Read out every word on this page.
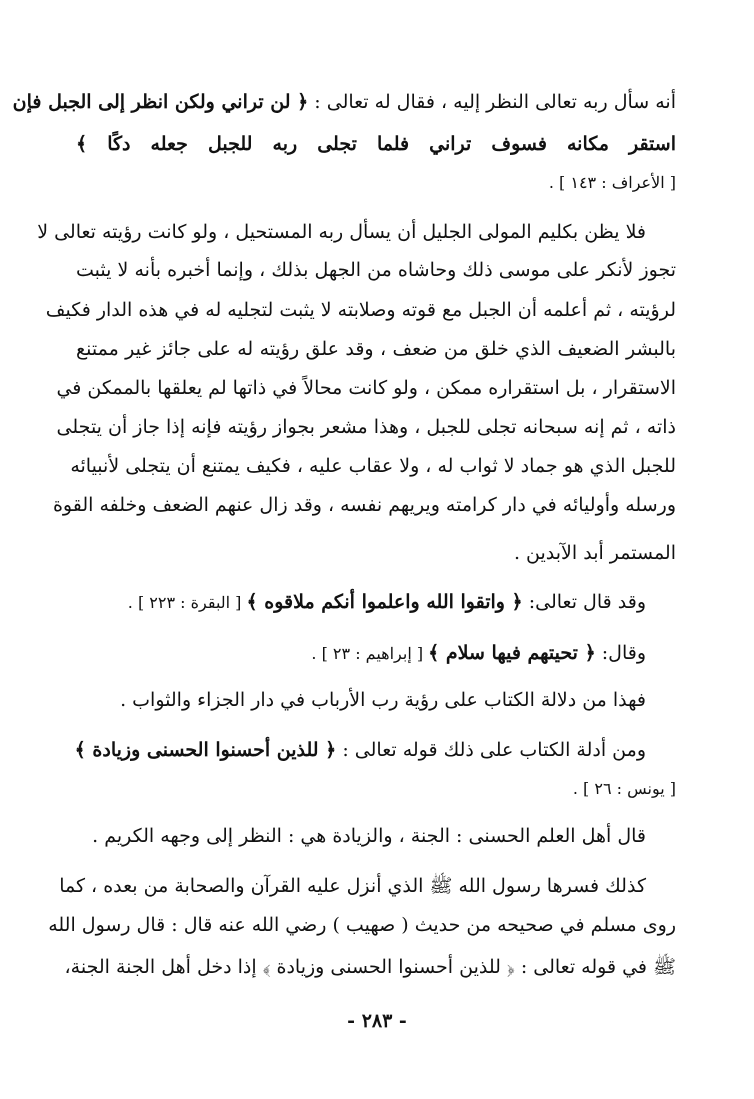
أنه سأل ربه تعالى النظر إليه ، فقال له تعالى : ﴿ لن تراني ولكن انظر إلى الجبل فإن
استقر مكانه فسوف تراني فلما تجلى ربه للجبل جعله دكًا ﴾
[ الأعراف : ١٤٣ ] .
فلا يظن بكليم المولى الجليل أن يسأل ربه المستحيل ، ولو كانت رؤيته تعالى لا
تجوز لأنكر على موسى ذلك وحاشاه من الجهل بذلك ، وإنما أخبره بأنه لا يثبت
لرؤيته ، ثم أعلمه أن الجبل مع قوته وصلابته لا يثبت لتجليه له في هذه الدار فكيف
بالبشر الضعيف الذي خلق من ضعف ، وقد علق رؤيته له على جائز غير ممتنع
الاستقرار ، بل استقراره ممكن ، ولو كانت محالاً في ذاتها لم يعلقها بالممكن في
ذاته ، ثم إنه سبحانه تجلى للجبل ، وهذا مشعر بجواز رؤيته فإنه إذا جاز أن يتجلى
للجبل الذي هو جماد لا ثواب له ، ولا عقاب عليه ، فكيف يمتنع أن يتجلى لأنبيائه
ورسله وأوليائه في دار كرامته ويريهم نفسه ، وقد زال عنهم الضعف وخلفه القوة
المستمر أبد الآبدين .
وقد قال تعالى: ﴿ واتقوا الله واعلموا أنكم ملاقوه ﴾ [ البقرة : ٢٢٣ ] .
وقال: ﴿ تحيتهم فيها سلام ﴾ [ إبراهيم : ٢٣ ] .
فهذا من دلالة الكتاب على رؤية رب الأرباب في دار الجزاء والثواب .
ومن أدلة الكتاب على ذلك قوله تعالى : ﴿ للذين أحسنوا الحسنى وزيادة ﴾
[ يونس : ٢٦ ] .
قال أهل العلم الحسنى : الجنة ، والزيادة هي : النظر إلى وجهه الكريم .
كذلك فسرها رسول الله ﷺ الذي أنزل عليه القرآن والصحابة من بعده ، كما
روى مسلم في صحيحه من حديث ( صهيب ) رضي الله عنه قال : قال رسول الله
ﷺ في قوله تعالى : ﴿ للذين أحسنوا الحسنى وزيادة ﴾ إذا دخل أهل الجنة الجنة،
- ٢٨٣ -
